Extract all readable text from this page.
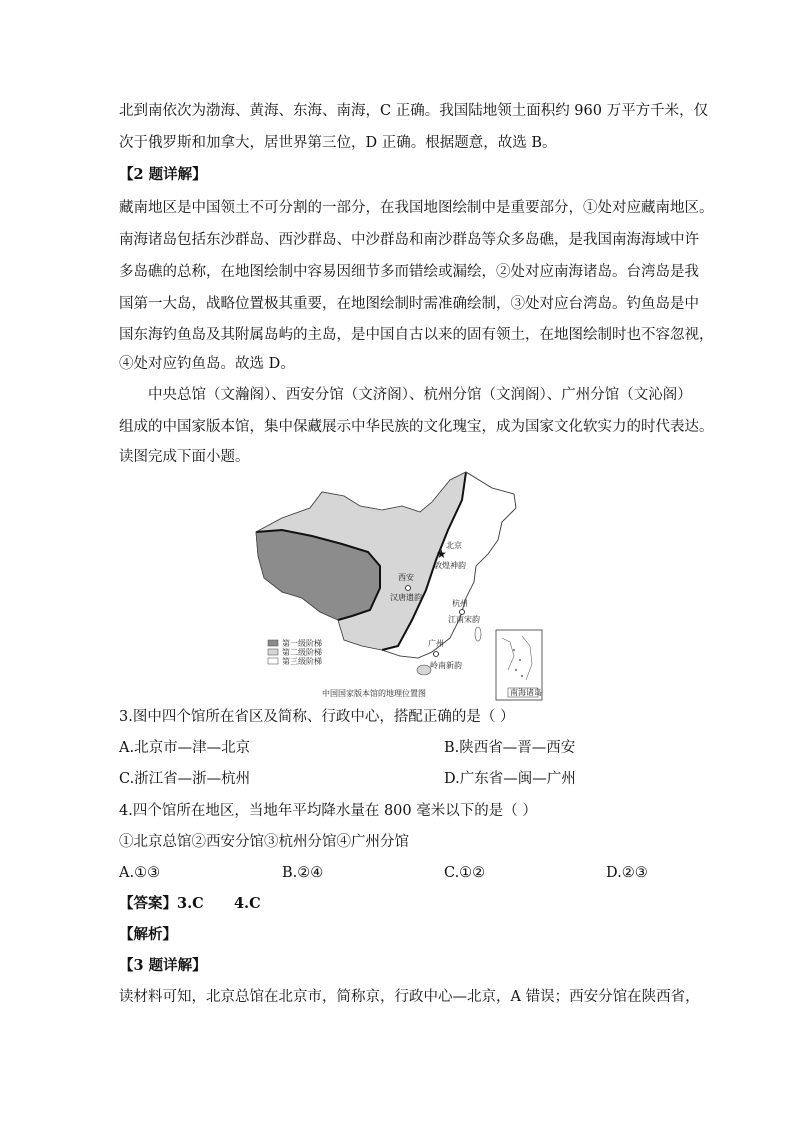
北到南依次为渤海、黄海、东海、南海，C 正确。我国陆地领土面积约 960 万平方千米，仅
次于俄罗斯和加拿大，居世界第三位，D 正确。根据题意，故选 B。
【2 题详解】
藏南地区是中国领土不可分割的一部分，在我国地图绘制中是重要部分，①处对应藏南地区。
南海诸岛包括东沙群岛、西沙群岛、中沙群岛和南沙群岛等众多岛礁，是我国南海海域中许
多岛礁的总称，在地图绘制中容易因细节多而错绘或漏绘，②处对应南海诸岛。台湾岛是我
国第一大岛，战略位置极其重要，在地图绘制时需准确绘制，③处对应台湾岛。钓鱼岛是中
国东海钓鱼岛及其附属岛屿的主岛，是中国自古以来的固有领土，在地图绘制时也不容忽视，
④处对应钓鱼岛。故选 D。
中央总馆（文瀚阁）、西安分馆（文济阁）、杭州分馆（文润阁）、广州分馆（文沁阁）
组成的中国家版本馆，集中保藏展示中华民族的文化瑰宝，成为国家文化软实力的时代表达。
读图完成下面小题。
★
北京
敦煌神韵
西安
汉唐遗韵
杭州
江南宋韵
广州
岭南新韵
第一级阶梯
第二级阶梯
第三级阶梯
南海诸岛
中国国家版本馆的地理位置图
3.图中四个馆所在省区及简称、行政中心，搭配正确的是（ ）
A.北京市—津—北京	B.陕西省—晋—西安
C.浙江省—浙—杭州	D.广东省—闽—广州
4.四个馆所在地区，当地年平均降水量在 800 毫米以下的是（ ）
①北京总馆②西安分馆③杭州分馆④广州分馆
A.①③	B.②④	C.①②	D.②③
【答案】3.C      4.C
【解析】
【3 题详解】
读材料可知，北京总馆在北京市，简称京，行政中心—北京，A 错误；西安分馆在陕西省，
